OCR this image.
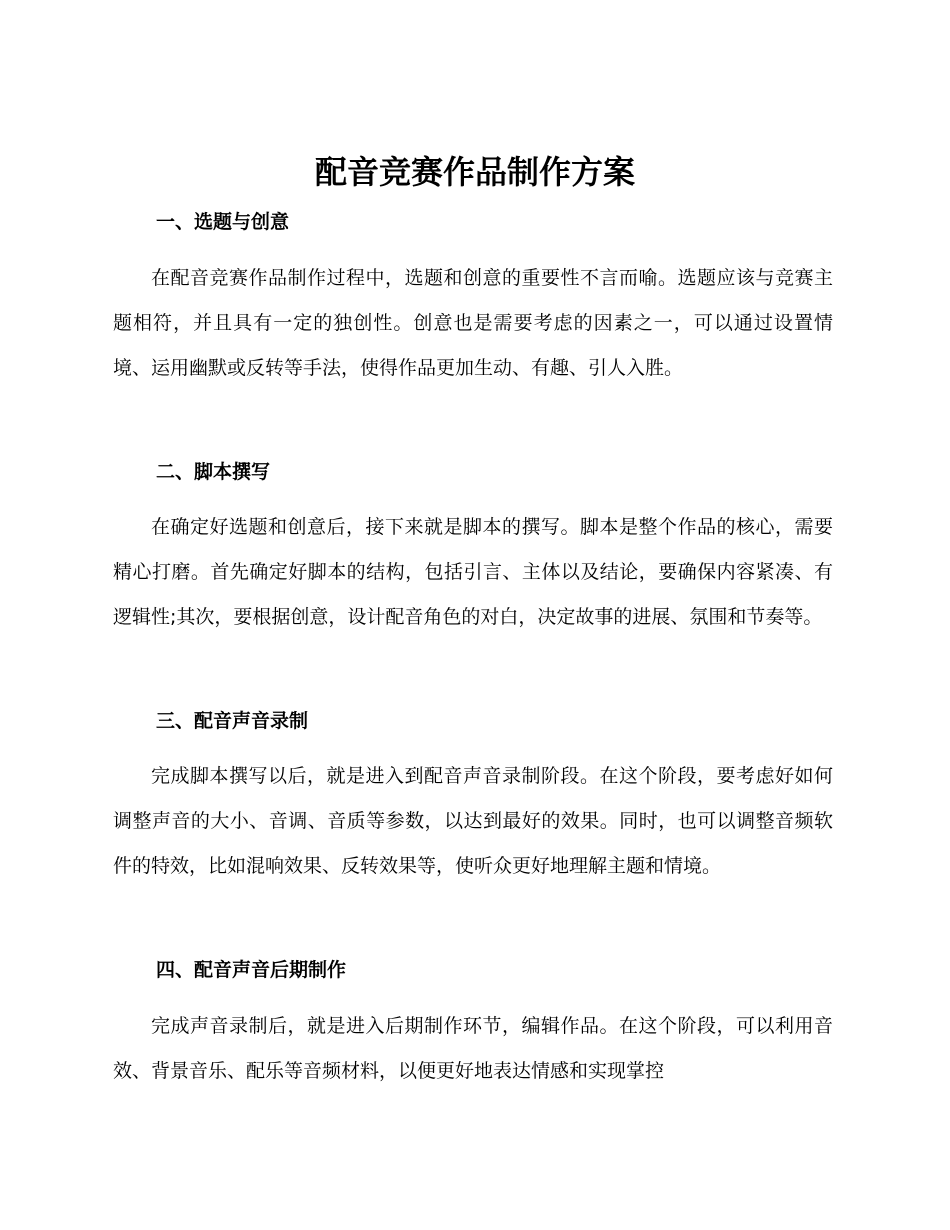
配音竞赛作品制作方案
一、选题与创意

在配音竞赛作品制作过程中，选题和创意的重要性不言而喻。选题应该与竞赛主题相符，并且具有一定的独创性。创意也是需要考虑的因素之一，可以通过设置情境、运用幽默或反转等手法，使得作品更加生动、有趣、引人入胜。

二、脚本撰写

在确定好选题和创意后，接下来就是脚本的撰写。脚本是整个作品的核心，需要精心打磨。首先确定好脚本的结构，包括引言、主体以及结论，要确保内容紧凑、有逻辑性;其次，要根据创意，设计配音角色的对白，决定故事的进展、氛围和节奏等。

三、配音声音录制

完成脚本撰写以后，就是进入到配音声音录制阶段。在这个阶段，要考虑好如何调整声音的大小、音调、音质等参数，以达到最好的效果。同时，也可以调整音频软件的特效，比如混响效果、反转效果等，使听众更好地理解主题和情境。

四、配音声音后期制作

完成声音录制后，就是进入后期制作环节，编辑作品。在这个阶段，可以利用音效、背景音乐、配乐等音频材料，以便更好地表达情感和实现掌控
